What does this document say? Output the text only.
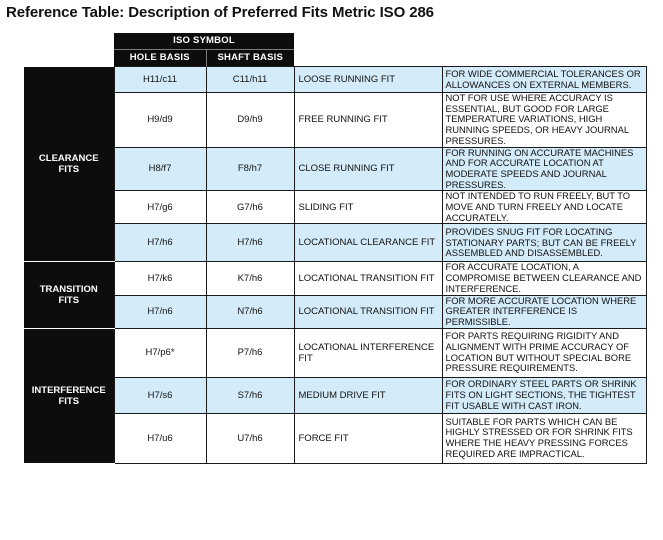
Reference Table: Description of Preferred Fits Metric ISO 286
	ISO SYMBOL			
	HOLE BASIS	SHAFT BASIS		
CLEARANCE
FITS	H11/c11	C11/h11	LOOSE RUNNING FIT	FOR WIDE COMMERCIAL TOLERANCES OR ALLOWANCES ON EXTERNAL MEMBERS.
	H9/d9	D9/h9	FREE RUNNING FIT	NOT FOR USE WHERE ACCURACY IS ESSENTIAL, BUT GOOD FOR LARGE TEMPERATURE VARIATIONS, HIGH RUNNING SPEEDS, OR HEAVY JOURNAL PRESSURES.
	H8/f7	F8/h7	CLOSE RUNNING FIT	FOR RUNNING ON ACCURATE MACHINES AND FOR ACCURATE LOCATION AT MODERATE SPEEDS AND JOURNAL PRESSURES.
	H7/g6	G7/h6	SLIDING FIT	NOT INTENDED TO RUN FREELY, BUT TO MOVE AND TURN FREELY AND LOCATE ACCURATELY.
	H7/h6	H7/h6	LOCATIONAL CLEARANCE FIT	PROVIDES SNUG FIT FOR LOCATING STATIONARY PARTS; BUT CAN BE FREELY ASSEMBLED AND DISASSEMBLED.
TRANSITION
FITS	H7/k6	K7/h6	LOCATIONAL TRANSITION FIT	FOR ACCURATE LOCATION, A COMPROMISE BETWEEN CLEARANCE AND INTERFERENCE.
	H7/n6	N7/h6	LOCATIONAL TRANSITION FIT	FOR MORE ACCURATE LOCATION WHERE GREATER INTERFERENCE IS PERMISSIBLE.
INTERFERENCE
FITS	H7/p6*	P7/h6	LOCATIONAL INTERFERENCE FIT	FOR PARTS REQUIRING RIGIDITY AND ALIGNMENT WITH PRIME ACCURACY OF LOCATION BUT WITHOUT SPECIAL BORE PRESSURE REQUIREMENTS.
	H7/s6	S7/h6	MEDIUM DRIVE FIT	FOR ORDINARY STEEL PARTS OR SHRINK FITS ON LIGHT SECTIONS, THE TIGHTEST FIT USABLE WITH CAST IRON.
	H7/u6	U7/h6	FORCE FIT	SUITABLE FOR PARTS WHICH CAN BE HIGHLY STRESSED OR FOR SHRINK FITS WHERE THE HEAVY PRESSING FORCES REQUIRED ARE IMPRACTICAL.
